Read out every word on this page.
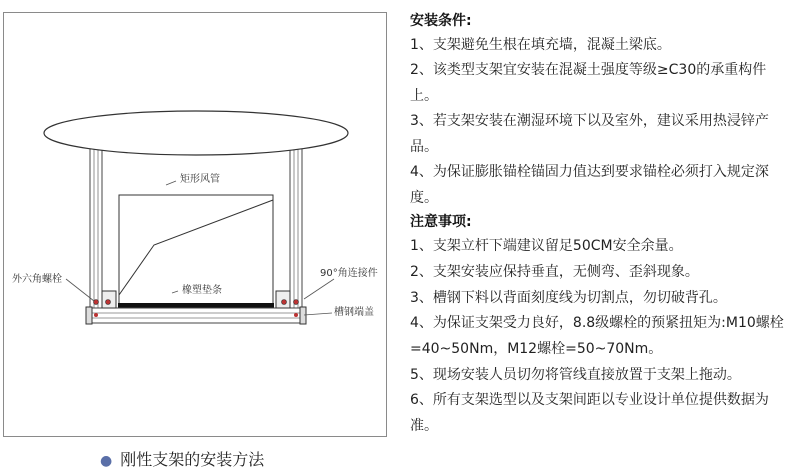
矩形风管
外六角螺栓
90°角连接件
橡塑垫条
槽钢端盖
● 刚性支架的安装方法

安装条件:

1、支架避免生根在填充墙，混凝土梁底。

2、该类型支架宜安装在混凝土强度等级≥C30的承重构件上。

3、若支架安装在潮湿环境下以及室外，建议采用热浸锌产品。

4、为保证膨胀锚栓锚固力值达到要求锚栓必须打入规定深度。

注意事项:

1、支架立杆下端建议留足50CM安全余量。

2、支架安装应保持垂直，无侧弯、歪斜现象。

3、槽钢下料以背面刻度线为切割点，勿切破背孔。

4、为保证支架受力良好，8.8级螺栓的预紧扭矩为:M10螺栓=40~50Nm，M12螺栓=50~70Nm。

5、现场安装人员切勿将管线直接放置于支架上拖动。

6、所有支架选型以及支架间距以专业设计单位提供数据为准。
